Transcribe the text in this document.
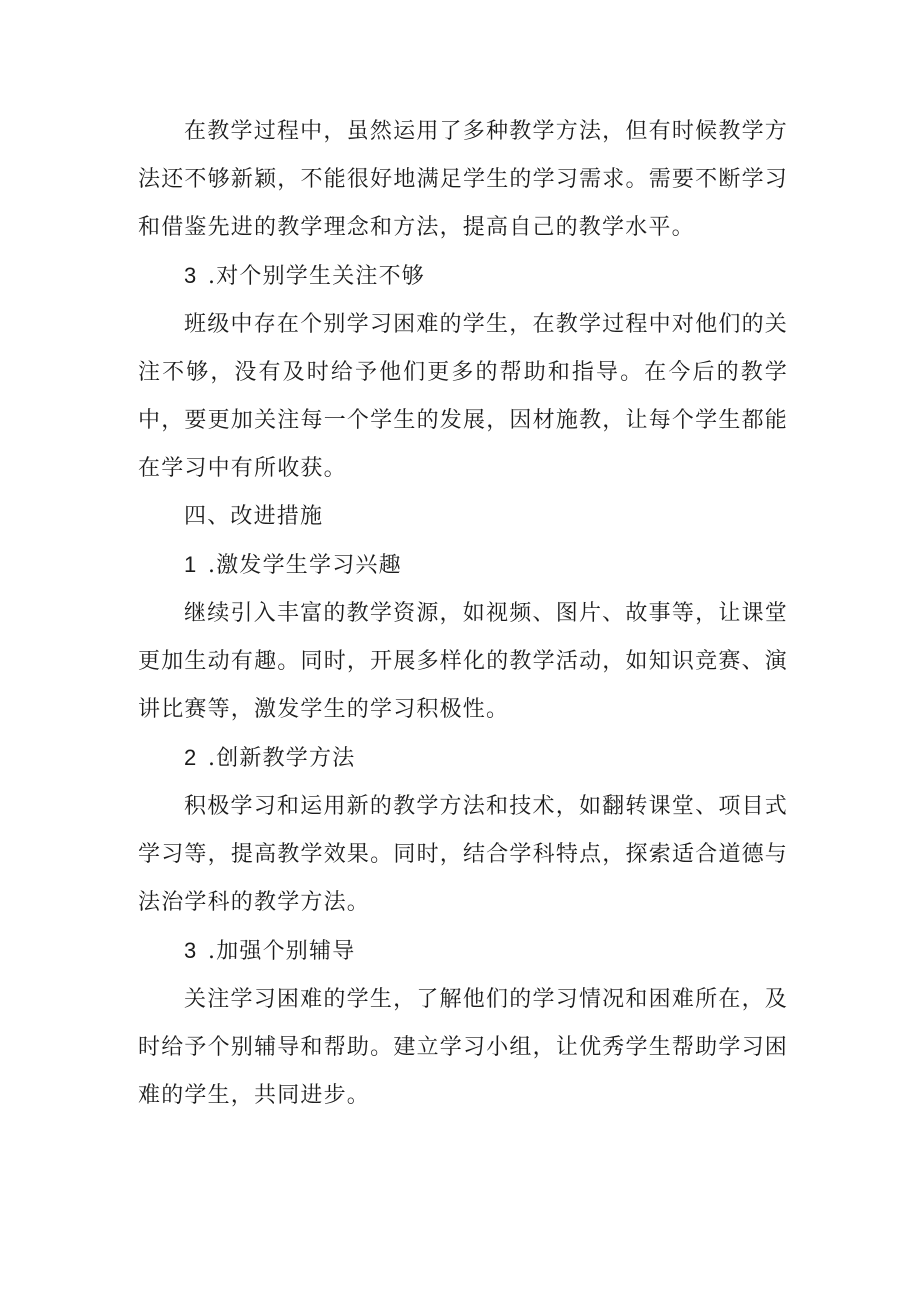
在教学过程中，虽然运用了多种教学方法，但有时候教学方法还不够新颖，不能很好地满足学生的学习需求。需要不断学习和借鉴先进的教学理念和方法，提高自己的教学水平。

3 .对个别学生关注不够

班级中存在个别学习困难的学生，在教学过程中对他们的关注不够，没有及时给予他们更多的帮助和指导。在今后的教学中，要更加关注每一个学生的发展，因材施教，让每个学生都能在学习中有所收获。

四、改进措施

1 .激发学生学习兴趣

继续引入丰富的教学资源，如视频、图片、故事等，让课堂更加生动有趣。同时，开展多样化的教学活动，如知识竞赛、演讲比赛等，激发学生的学习积极性。

2 .创新教学方法

积极学习和运用新的教学方法和技术，如翻转课堂、项目式学习等，提高教学效果。同时，结合学科特点，探索适合道德与法治学科的教学方法。

3 .加强个别辅导

关注学习困难的学生，了解他们的学习情况和困难所在，及时给予个别辅导和帮助。建立学习小组，让优秀学生帮助学习困难的学生，共同进步。
